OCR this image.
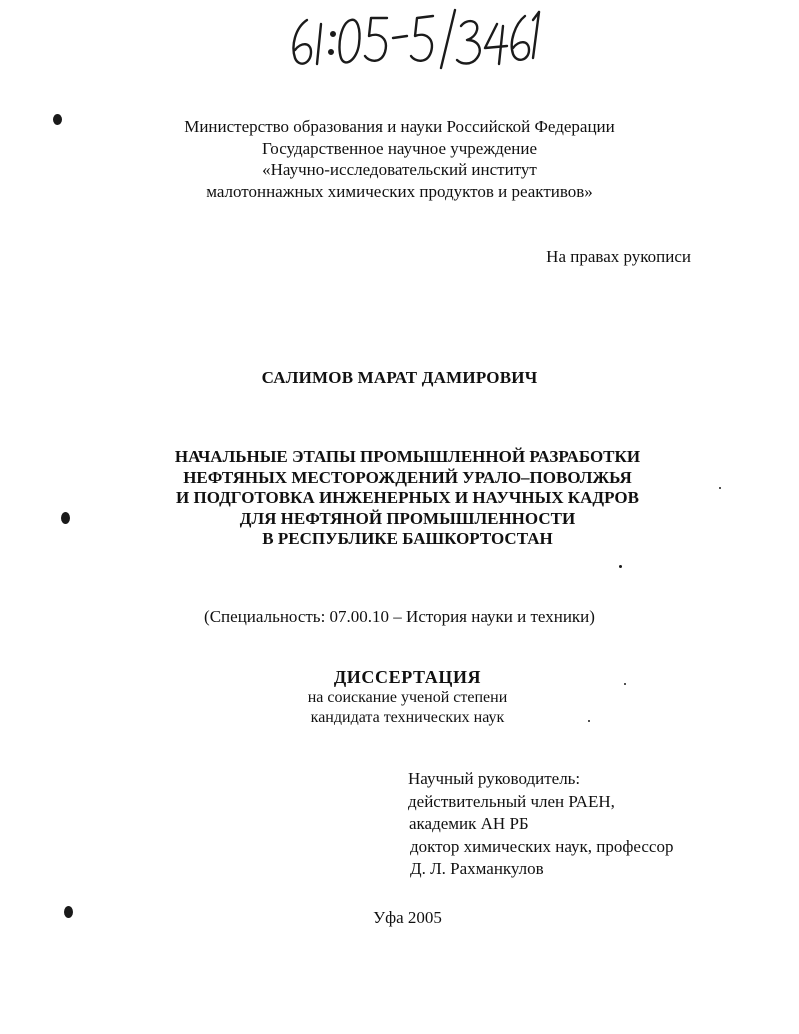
Министерство образования и науки Российской Федерации
Государственное научное учреждение
«Научно-исследовательский институт
малотоннажных химических продуктов и реактивов»
На правах рукописи
САЛИМОВ МАРАТ ДАМИРОВИЧ
НАЧАЛЬНЫЕ ЭТАПЫ ПРОМЫШЛЕННОЙ РАЗРАБОТКИ
НЕФТЯНЫХ МЕСТОРОЖДЕНИЙ УРАЛО–ПОВОЛЖЬЯ
И ПОДГОТОВКА ИНЖЕНЕРНЫХ И НАУЧНЫХ КАДРОВ
ДЛЯ НЕФТЯНОЙ ПРОМЫШЛЕННОСТИ
В РЕСПУБЛИКЕ БАШКОРТОСТАН
(Специальность: 07.00.10 – История науки и техники)
ДИССЕРТАЦИЯ
на соискание ученой степени
кандидата технических наук
Научный руководитель:
действительный член РАЕН,
академик АН РБ
доктор химических наук, профессор
Д. Л. Рахманкулов
Уфа 2005
